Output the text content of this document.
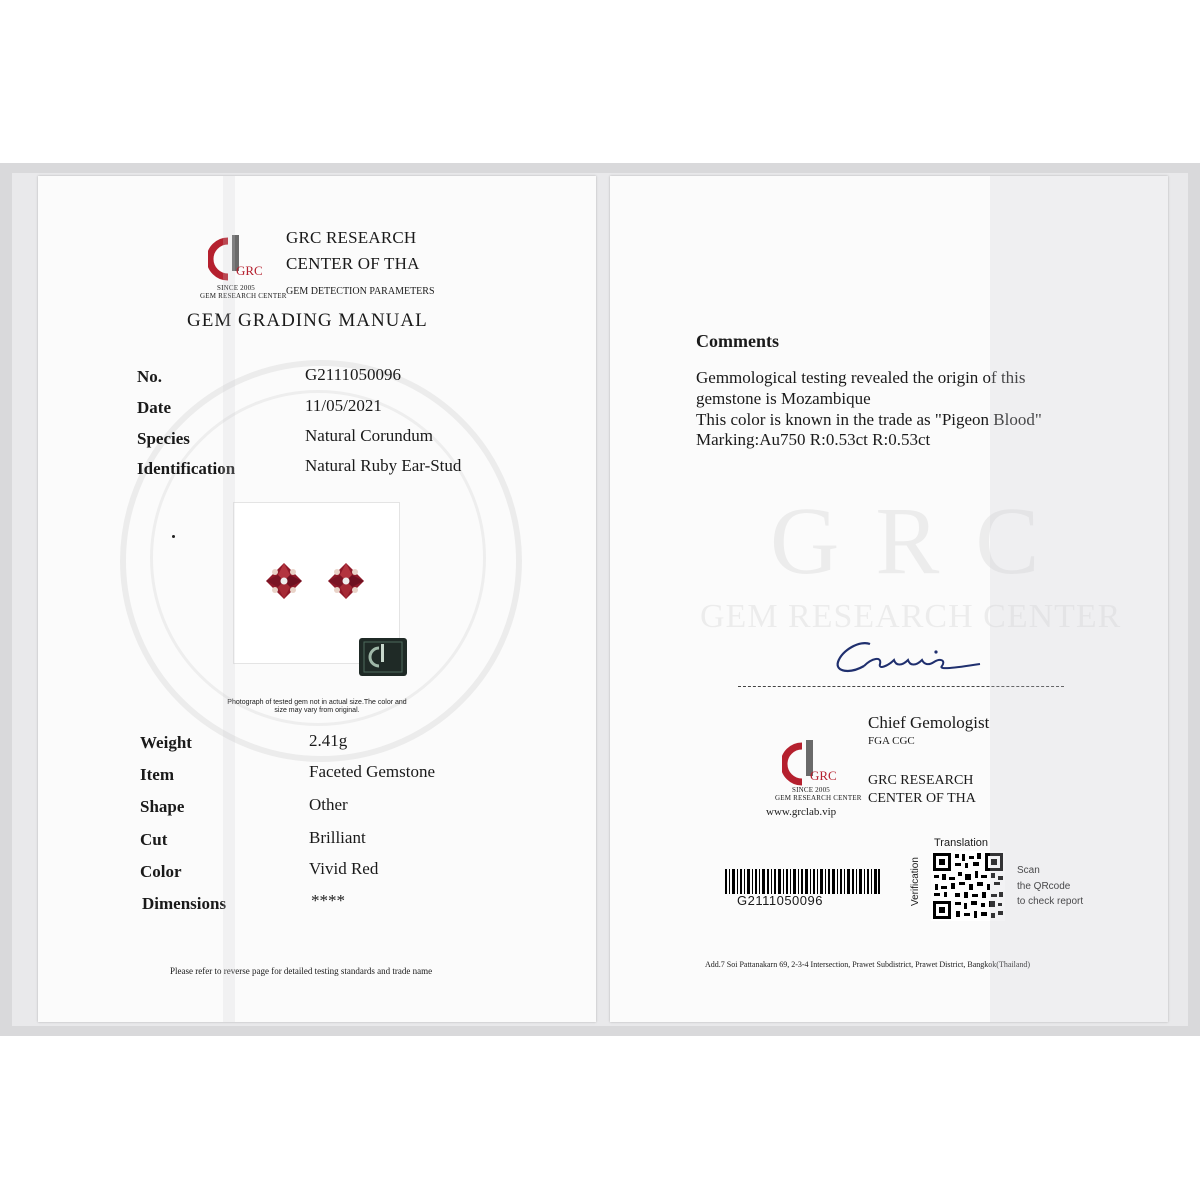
GRC
SINCE 2005
GEM RESEARCH CENTER
GRC RESEARCH
CENTER OF THA
GEM DETECTION PARAMETERS
GEM GRADING MANUAL
No.	G2111050096
Date	11/05/2021
Species	Natural Corundum
Identification	Natural Ruby Ear-Stud
Photograph of tested gem not in actual size.The color and
size may vary from original.
Weight	2.41g
Item	Faceted Gemstone
Shape	Other
Cut	Brilliant
Color	Vivid Red
Dimensions	****
Please refer to reverse page for detailed testing standards and trade name
G R C
GEM RESEARCH CENTER
Comments
Gemmological testing revealed the origin of this
gemstone is Mozambique
This color is known in the trade as "Pigeon Blood"
Marking:Au750 R:0.53ct R:0.53ct
Chief Gemologist
FGA CGC
GRC
SINCE 2005
GEM RESEARCH CENTER
www.grclab.vip
GRC RESEARCH
CENTER OF THA
G2111050096
Translation
Verification	Scan
the QRcode
to check report
Add.7 Soi Pattanakarn 69, 2-3-4 Intersection, Prawet Subdistrict, Prawet District, Bangkok(Thailand)
